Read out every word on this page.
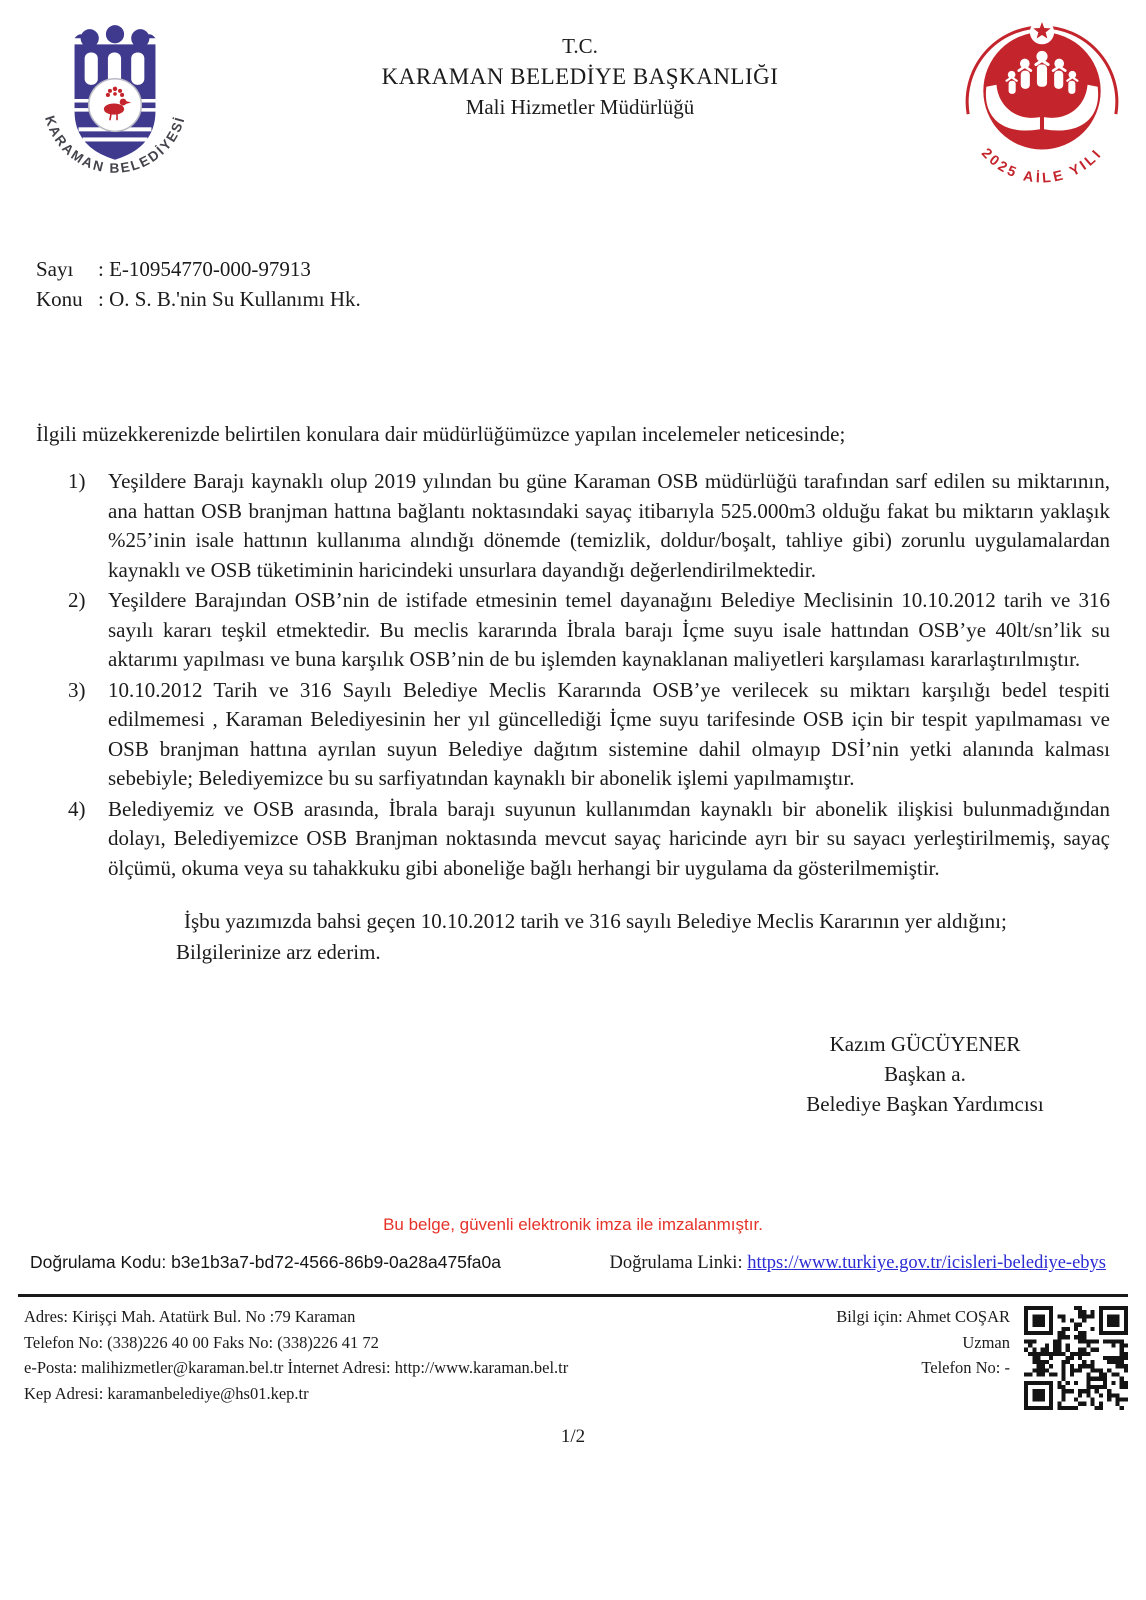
KARAMAN BELEDİYESİ
T.C.
KARAMAN BELEDİYE BAŞKANLIĞI
Mali Hizmetler Müdürlüğü
2025 AİLE YILI
Sayı	: E-10954770-000-97913
Konu : O. S. B.'nin Su Kullanımı Hk.

İlgili müzekkerenizde belirtilen konulara dair müdürlüğümüzce yapılan incelemeler neticesinde;

1)	Yeşildere Barajı kaynaklı olup 2019 yılından bu güne Karaman OSB müdürlüğü tarafından sarf edilen su miktarının, ana hattan OSB branjman hattına bağlantı noktasındaki sayaç itibarıyla 525.000m3 olduğu fakat bu miktarın yaklaşık %25’inin isale hattının kullanıma alındığı dönemde (temizlik, doldur/boşalt, tahliye gibi) zorunlu uygulamalardan kaynaklı ve OSB tüketiminin haricindeki unsurlara dayandığı değerlendirilmektedir.
2)	Yeşildere Barajından OSB’nin de istifade etmesinin temel dayanağını Belediye Meclisinin 10.10.2012 tarih ve 316 sayılı kararı teşkil etmektedir. Bu meclis kararında İbrala barajı İçme suyu isale hattından OSB’ye 40lt/sn’lik su aktarımı yapılması ve buna karşılık OSB’nin de bu işlemden kaynaklanan maliyetleri karşılaması kararlaştırılmıştır.
3)	10.10.2012 Tarih ve 316 Sayılı Belediye Meclis Kararında OSB’ye verilecek su miktarı karşılığı bedel tespiti edilmemesi , Karaman Belediyesinin her yıl güncellediği İçme suyu tarifesinde OSB için bir tespit yapılmaması ve OSB branjman hattına ayrılan suyun Belediye dağıtım sistemine dahil olmayıp DSİ’nin yetki alanında kalması sebebiyle; Belediyemizce bu su sarfiyatından kaynaklı bir abonelik işlemi yapılmamıştır.
4)	Belediyemiz ve OSB arasında, İbrala barajı suyunun kullanımdan kaynaklı bir abonelik ilişkisi bulunmadığından dolayı, Belediyemizce OSB Branjman noktasında mevcut sayaç haricinde ayrı bir su sayacı yerleştirilmemiş, sayaç ölçümü, okuma veya su tahakkuku gibi aboneliğe bağlı herhangi bir uygulama da gösterilmemiştir.

İşbu yazımızda bahsi geçen 10.10.2012 tarih ve 316 sayılı Belediye Meclis Kararının yer aldığını;

Bilgilerinize arz ederim.

Kazım GÜCÜYENER
Başkan a.
Belediye Başkan Yardımcısı
Bu belge, güvenli elektronik imza ile imzalanmıştır.
Doğrulama Kodu: b3e1b3a7-bd72-4566-86b9-0a28a475fa0a	Doğrulama Linki: https://www.turkiye.gov.tr/icisleri-belediye-ebys
Adres: Kirişçi Mah. Atatürk Bul. No :79 Karaman
Telefon No: (338)226 40 00 Faks No: (338)226 41 72
e-Posta: malihizmetler@karaman.bel.tr İnternet Adresi: http://www.karaman.bel.tr
Kep Adresi: karamanbelediye@hs01.kep.tr
Bilgi için: Ahmet COŞAR
Uzman
Telefon No: -
1/2
